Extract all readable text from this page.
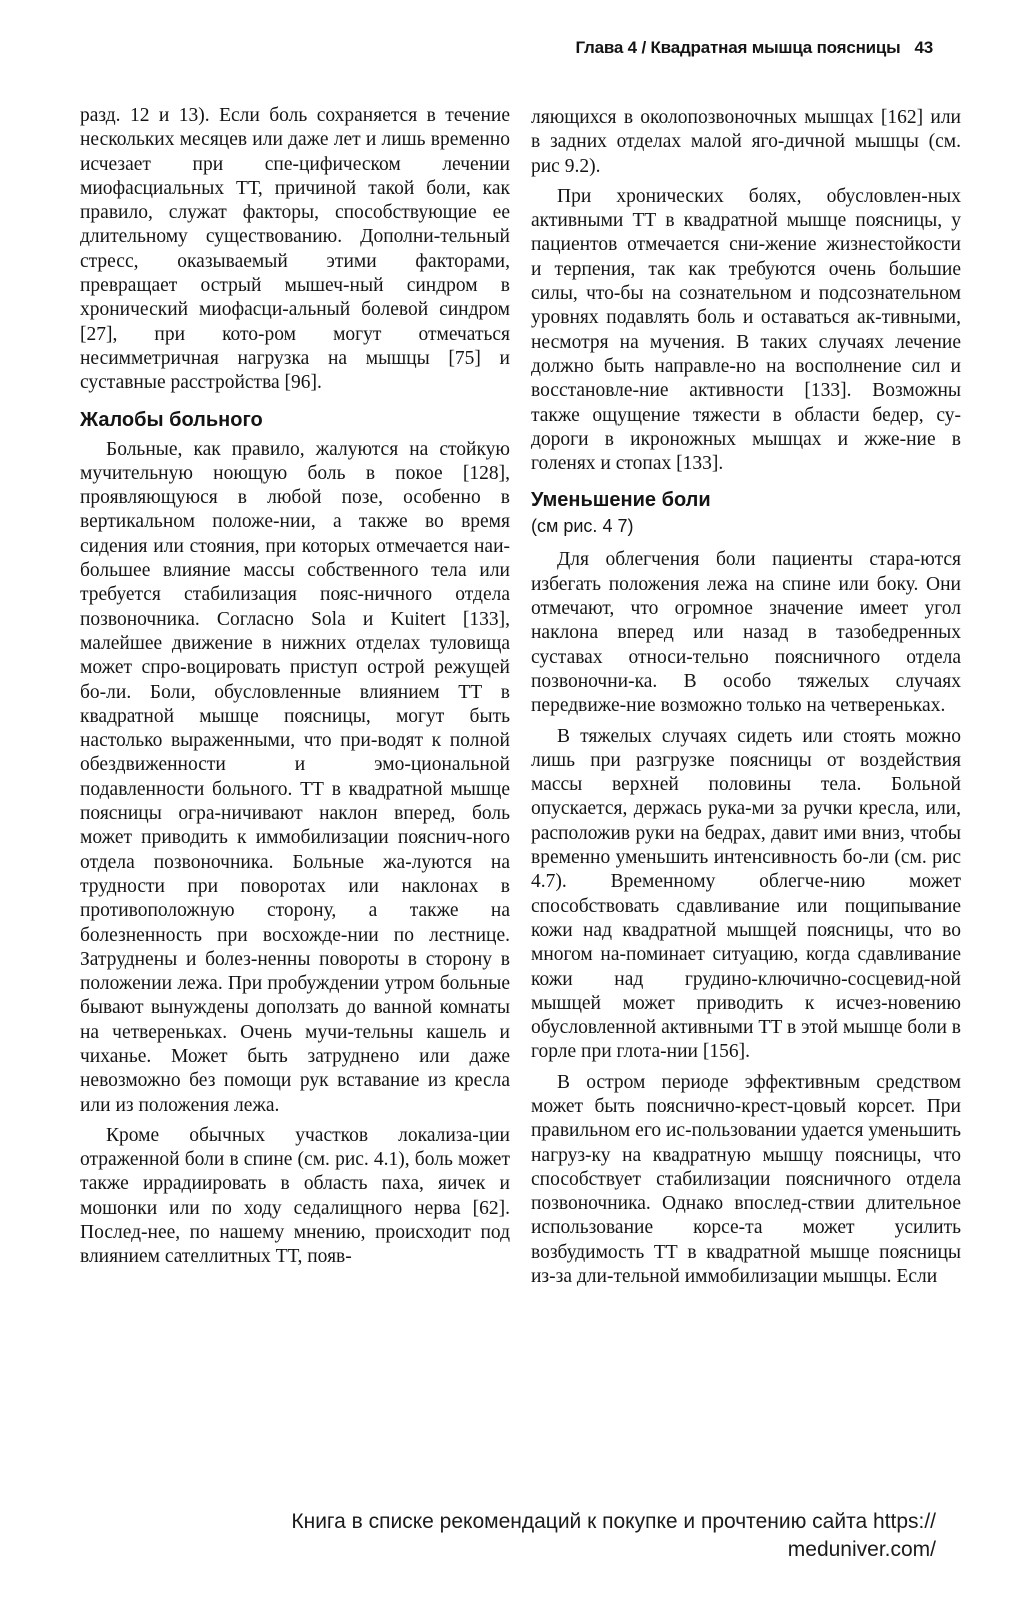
Глава 4 / Квадратная мышца поясницы 43

разд. 12 и 13). Если боль сохраняется в течение нескольких месяцев или даже лет и лишь временно исчезает при спе-цифическом лечении миофасциальных ТТ, причиной такой боли, как правило, служат факторы, способствующие ее длительному существованию. Дополни-тельный стресс, оказываемый этими факторами, превращает острый мышеч-ный синдром в хронический миофасци-альный болевой синдром [27], при кото-ром могут отмечаться несимметричная нагрузка на мышцы [75] и суставные расстройства [96].

Жалобы больного

Больные, как правило, жалуются на стойкую мучительную ноющую боль в покое [128], проявляющуюся в любой позе, особенно в вертикальном положе-нии, а также во время сидения или стояния, при которых отмечается наи-большее влияние массы собственного тела или требуется стабилизация пояс-ничного отдела позвоночника. Согласно Sola и Kuitert [133], малейшее движение в нижних отделах туловища может спро-воцировать приступ острой режущей бо-ли. Боли, обусловленные влиянием ТТ в квадратной мышце поясницы, могут быть настолько выраженными, что при-водят к полной обездвиженности и эмо-циональной подавленности больного. ТТ в квадратной мышце поясницы огра-ничивают наклон вперед, боль может приводить к иммобилизации пояснич-ного отдела позвоночника. Больные жа-луются на трудности при поворотах или наклонах в противоположную сторону, а также на болезненность при восхожде-нии по лестнице. Затруднены и болез-ненны повороты в сторону в положении лежа. При пробуждении утром больные бывают вынуждены доползать до ванной комнаты на четвереньках. Очень мучи-тельны кашель и чиханье. Может быть затруднено или даже невозможно без помощи рук вставание из кресла или из положения лежа.

Кроме обычных участков локализа-ции отраженной боли в спине (см. рис. 4.1), боль может также иррадиировать в область паха, яичек и мошонки или по ходу седалищного нерва [62]. Послед-нее, по нашему мнению, происходит под влиянием сателлитных ТТ, появ-

ляющихся в околопозвоночных мышцах [162] или в задних отделах малой яго-дичной мышцы (см. рис 9.2).

При хронических болях, обусловлен-ных активными ТТ в квадратной мышце поясницы, у пациентов отмечается сни-жение жизнестойкости и терпения, так как требуются очень большие силы, что-бы на сознательном и подсознательном уровнях подавлять боль и оставаться ак-тивными, несмотря на мучения. В таких случаях лечение должно быть направле-но на восполнение сил и восстановле-ние активности [133]. Возможны также ощущение тяжести в области бедер, су-дороги в икроножных мышцах и жже-ние в голенях и стопах [133].

Уменьшение боли
(см рис. 4 7)

Для облегчения боли пациенты стара-ются избегать положения лежа на спине или боку. Они отмечают, что огромное значение имеет угол наклона вперед или назад в тазобедренных суставах относи-тельно поясничного отдела позвоночни-ка. В особо тяжелых случаях передвиже-ние возможно только на четвереньках.

В тяжелых случаях сидеть или стоять можно лишь при разгрузке поясницы от воздействия массы верхней половины тела. Больной опускается, держась рука-ми за ручки кресла, или, расположив руки на бедрах, давит ими вниз, чтобы временно уменьшить интенсивность бо-ли (см. рис 4.7). Временному облегче-нию может способствовать сдавливание или пощипывание кожи над квадратной мышцей поясницы, что во многом на-поминает ситуацию, когда сдавливание кожи над грудино-ключично-сосцевид-ной мышцей может приводить к исчез-новению обусловленной активными ТТ в этой мышце боли в горле при глота-нии [156].

В остром периоде эффективным средством может быть пояснично-крест-цовый корсет. При правильном его ис-пользовании удается уменьшить нагруз-ку на квадратную мышцу поясницы, что способствует стабилизации поясничного отдела позвоночника. Однако впослед-ствии длительное использование корсе-та может усилить возбудимость ТТ в квадратной мышце поясницы из-за дли-тельной иммобилизации мышцы. Если

Книга в списке рекомендаций к покупке и прочтению сайта https://
meduniver.com/
